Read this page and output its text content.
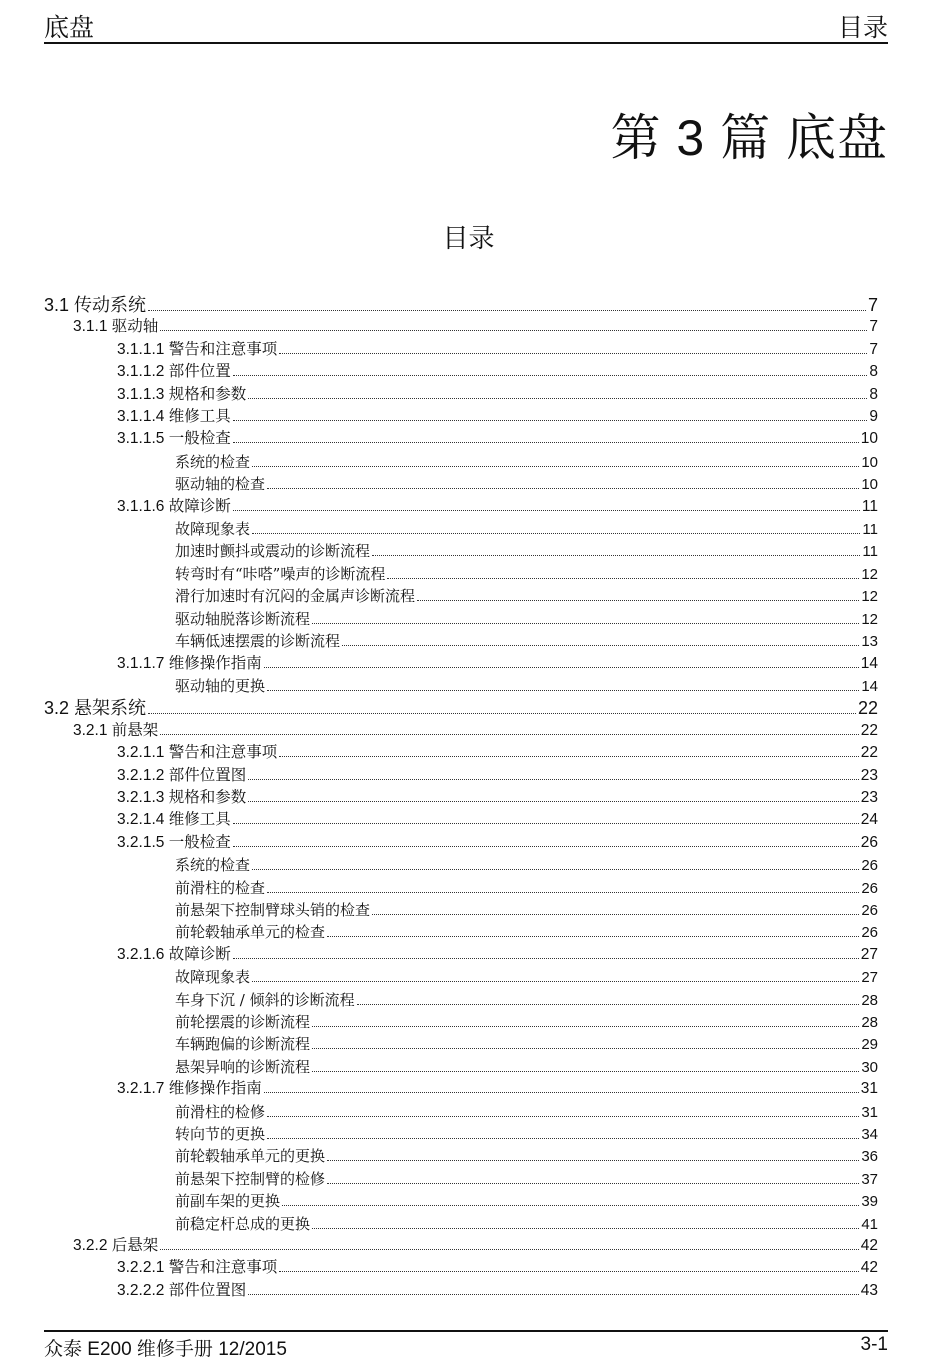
底盘	目录
第 3 篇 底盘
目录
3.1 传动系统	7
3.1.1 驱动轴	7
3.1.1.1 警告和注意事项	7
3.1.1.2 部件位置	8
3.1.1.3 规格和参数	8
3.1.1.4 维修工具	9
3.1.1.5 一般检查	10
系统的检查	10
驱动轴的检查	10
3.1.1.6 故障诊断	11
故障现象表	11
加速时颤抖或震动的诊断流程	11
转弯时有“咔嗒”噪声的诊断流程	12
滑行加速时有沉闷的金属声诊断流程	12
驱动轴脱落诊断流程	12
车辆低速摆震的诊断流程	13
3.1.1.7 维修操作指南	14
驱动轴的更换	14
3.2 悬架系统	22
3.2.1 前悬架	22
3.2.1.1 警告和注意事项	22
3.2.1.2 部件位置图	23
3.2.1.3 规格和参数	23
3.2.1.4 维修工具	24
3.2.1.5 一般检查	26
系统的检查	26
前滑柱的检查	26
前悬架下控制臂球头销的检查	26
前轮毂轴承单元的检查	26
3.2.1.6 故障诊断	27
故障现象表	27
车身下沉 / 倾斜的诊断流程	28
前轮摆震的诊断流程	28
车辆跑偏的诊断流程	29
悬架异响的诊断流程	30
3.2.1.7 维修操作指南	31
前滑柱的检修	31
转向节的更换	34
前轮毂轴承单元的更换	36
前悬架下控制臂的检修	37
前副车架的更换	39
前稳定杆总成的更换	41
3.2.2 后悬架	42
3.2.2.1 警告和注意事项	42
3.2.2.2 部件位置图	43
众泰 E200 维修手册 12/2015	3-1
